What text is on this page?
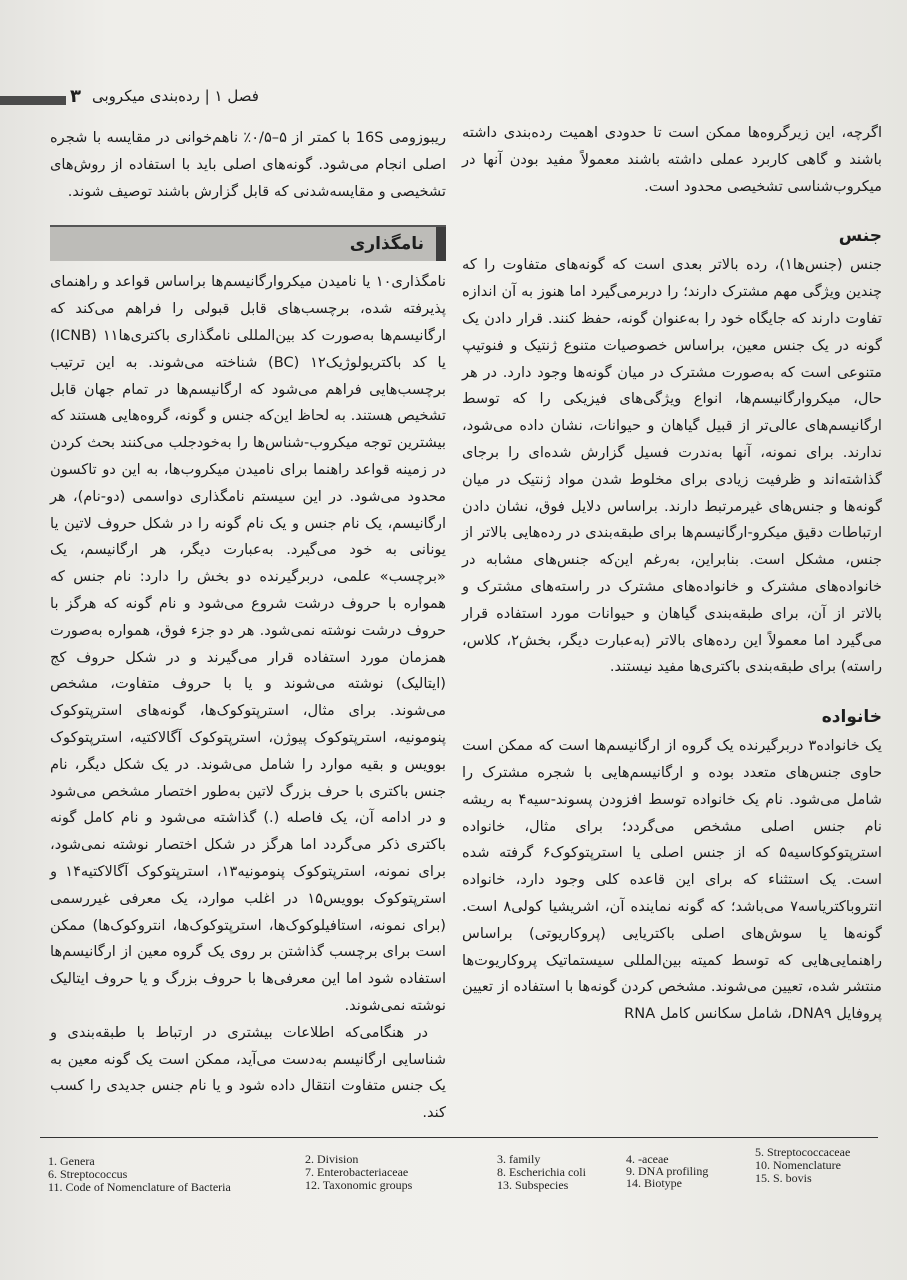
۳ فصل ۱ | رده‌بندی میکروبی

اگرچه، این زیرگروه‌ها ممکن است تا حدودی اهمیت رده‌بندی داشته باشند و گاهی کاربرد عملی داشته باشند معمولاً مفید بودن آنها در میکروب‌شناسی تشخیصی محدود است.

جنس

جنس (جنس‌ها۱)، رده بالاتر بعدی است که گونه‌های متفاوت را که چندین ویژگی مهم مشترک دارند؛ را دربرمی‌گیرد اما هنوز به آن اندازه تفاوت دارند که جایگاه خود را به‌عنوان گونه، حفظ کنند. قرار دادن یک گونه در یک جنس معین، براساس خصوصیات متنوع ژنتیک و فنوتیپ متنوعی است که به‌صورت مشترک در میان گونه‌ها وجود دارد. در هر حال، میکروارگانیسم‌ها، انواع ویژگی‌های فیزیکی را که توسط ارگانیسم‌های عالی‌تر از قبیل گیاهان و حیوانات، نشان داده می‌شود، ندارند. برای نمونه، آنها به‌ندرت فسیل گزارش شده‌ای را برجای گذاشته‌اند و ظرفیت زیادی برای مخلوط شدن مواد ژنتیک در میان گونه‌ها و جنس‌های غیرمرتبط دارند. براساس دلایل فوق، نشان دادن ارتباطات دقیق میکرو-ارگانیسم‌ها برای طبقه‌بندی در رده‌هایی بالاتر از جنس، مشکل است. بنابراین، به‌رغم این‌که جنس‌های مشابه در خانواده‌های مشترک و خانواده‌های مشترک در راسته‌های مشترک و بالاتر از آن، برای طبقه‌بندی گیاهان و حیوانات مورد استفاده قرار می‌گیرد اما معمولاً این رده‌های بالاتر (به‌عبارت دیگر، بخش۲، کلاس، راسته) برای طبقه‌بندی باکتری‌ها مفید نیستند.

خانواده

یک خانواده۳ دربرگیرنده یک گروه از ارگانیسم‌ها است که ممکن است حاوی جنس‌های متعدد بوده و ارگانیسم‌هایی با شجره مشترک را شامل می‌شود. نام یک خانواده توسط افزودن پسوند-سیه۴ به ریشه نام جنس اصلی مشخص می‌گردد؛ برای مثال، خانواده استرپتوکوکاسیه۵ که از جنس اصلی یا استرپتوکوک۶ گرفته شده است. یک استثناء که برای این قاعده کلی وجود دارد، خانواده انتروباکتریاسه۷ می‌باشد؛ که گونه نماینده آن، اشریشیا کولی۸ است. گونه‌ها یا سوش‌های اصلی باکتریایی (پروکاریوتی) براساس راهنمایی‌هایی که توسط کمیته بین‌المللی سیستماتیک پروکاریوت‌ها منتشر شده، تعیین می‌شوند. مشخص کردن گونه‌ها با استفاده از تعیین پروفایل DNA۹، شامل سکانس کامل RNA

ریبوزومی 16S با کمتر از ۵–۰/۵٪ ناهم‌خوانی در مقایسه با شجره اصلی انجام می‌شود. گونه‌های اصلی باید با استفاده از روش‌های تشخیصی و مقایسه‌شدنی که قابل گزارش باشند توصیف شوند.

نامگذاری

نامگذاری۱۰ یا نامیدن میکروارگانیسم‌ها براساس قواعد و راهنمای پذیرفته شده، برچسب‌های قابل قبولی را فراهم می‌کند که ارگانیسم‌ها به‌صورت کد بین‌المللی نامگذاری باکتری‌ها۱۱ (ICNB) یا کد باکتریولوژیک۱۲ (BC) شناخته می‌شوند. به این ترتیب برچسب‌هایی فراهم می‌شود که ارگانیسم‌ها در تمام جهان قابل تشخیص هستند. به لحاظ این‌که جنس و گونه، گروه‌هایی هستند که بیشترین توجه میکروب-شناس‌ها را به‌خودجلب می‌کنند بحث کردن در زمینه قواعد راهنما برای نامیدن میکروب‌ها، به این دو تاکسون محدود می‌شود. در این سیستم نامگذاری دواسمی (دو-نام)، هر ارگانیسم، یک نام جنس و یک نام گونه را در شکل حروف لاتین یا یونانی به خود می‌گیرد. به‌عبارت دیگر، هر ارگانیسم، یک «برچسب» علمی، دربرگیرنده دو بخش را دارد: نام جنس که همواره با حروف درشت شروع می‌شود و نام گونه که هرگز با حروف درشت نوشته نمی‌شود. هر دو جزء فوق، همواره به‌صورت همزمان مورد استفاده قرار می‌گیرند و در شکل حروف کج (ایتالیک) نوشته می‌شوند و یا با حروف متفاوت، مشخص می‌شوند. برای مثال، استرپتوکوک‌ها، گونه‌های استرپتوکوک پنومونیه، استرپتوکوک پیوژن، استرپتوکوک آگالاکتیه، استرپتوکوک بوویس و بقیه موارد را شامل می‌شوند. در یک شکل دیگر، نام جنس باکتری با حرف بزرگ لاتین به‌طور اختصار مشخص می‌شود و در ادامه آن، یک فاصله (.) گذاشته می‌شود و نام کامل گونه باکتری ذکر می‌گردد اما هرگز در شکل اختصار نوشته نمی‌شود، برای نمونه، استرپتوکوک پنومونیه۱۳، استرپتوکوک آگالاکتیه۱۴ و استرپتوکوک بوویس۱۵ در اغلب موارد، یک معرفی غیررسمی (برای نمونه، استافیلوکوک‌ها، استرپتوکوک‌ها، انتروکوک‌ها) ممکن است برای برچسب گذاشتن بر روی یک گروه معین از ارگانیسم‌ها استفاده شود اما این معرفی‌ها با حروف بزرگ و یا حروف ایتالیک نوشته نمی‌شوند.

در هنگامی‌که اطلاعات بیشتری در ارتباط با طبقه‌بندی و شناسایی ارگانیسم به‌دست می‌آید، ممکن است یک گونه معین به یک جنس متفاوت انتقال داده شود و یا نام جنس جدیدی را کسب کند.

1. Genera
6. Streptococcus
11. Code of Nomenclature of Bacteria
2. Division
7. Enterobacteriaceae
12. Taxonomic groups
3. family
8. Escherichia coli
13. Subspecies
4. -aceae
9. DNA profiling
14. Biotype
5. Streptococcaceae
10. Nomenclature
15. S. bovis
